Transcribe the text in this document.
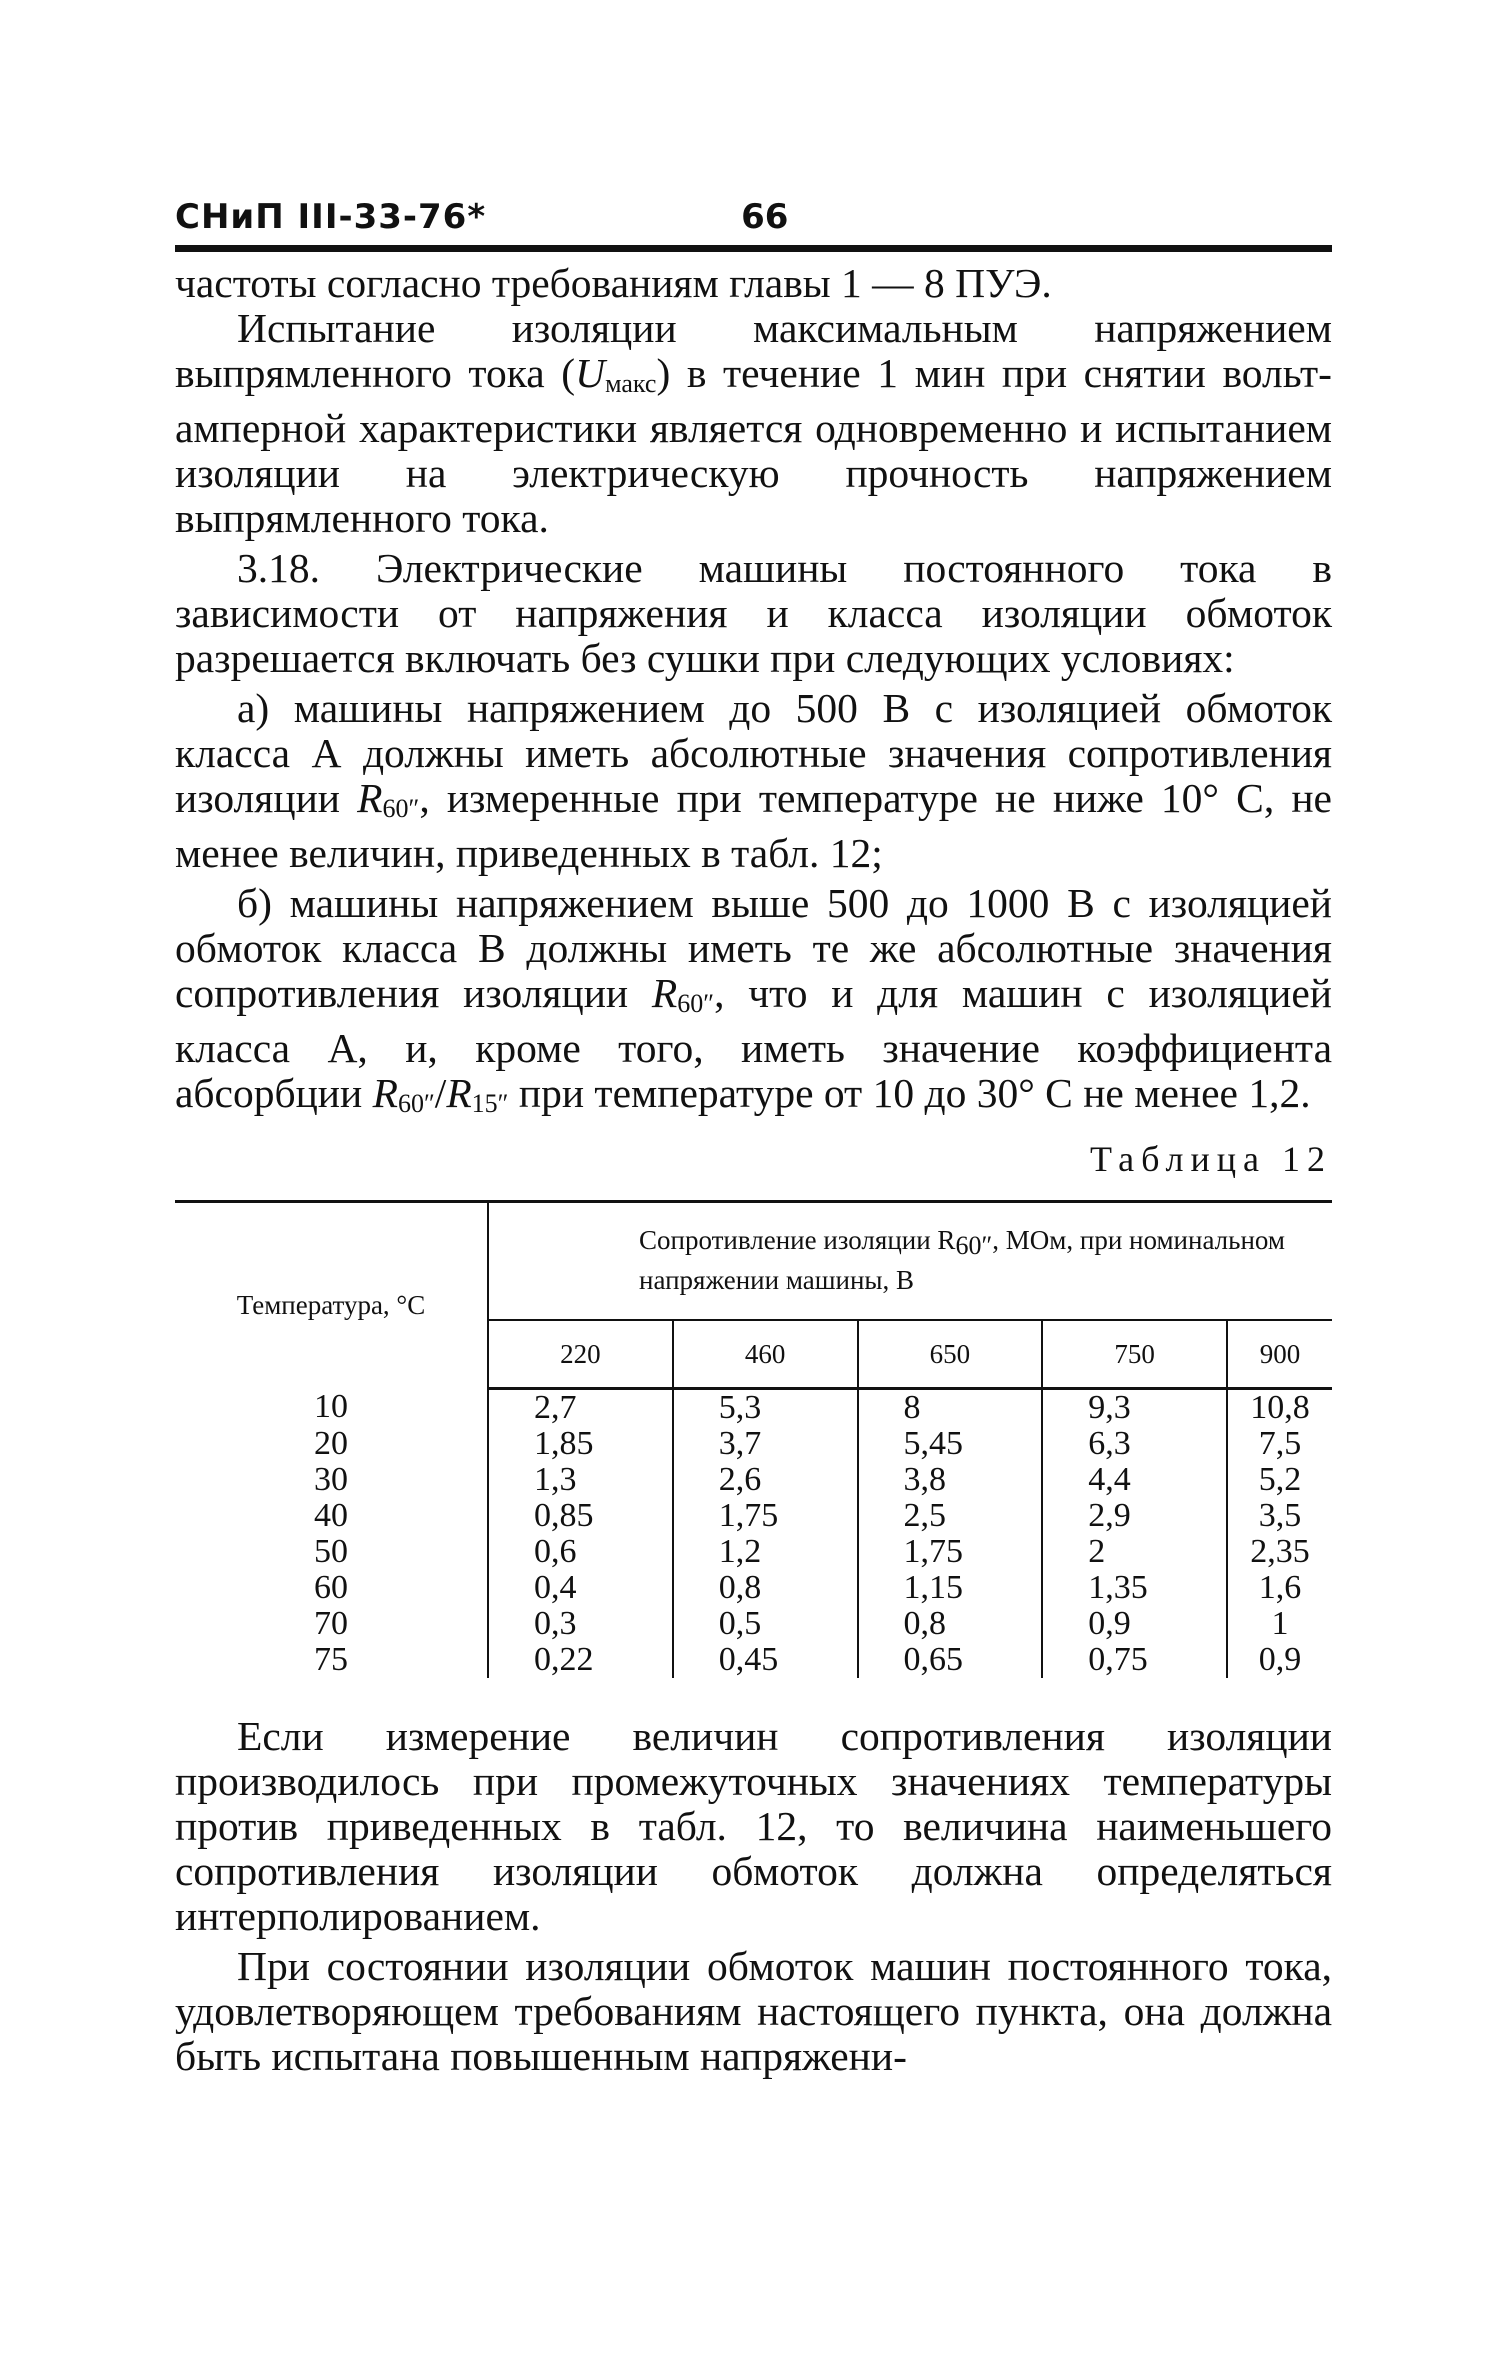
СНиП III-33-76*	66

частоты согласно требованиям главы 1 — 8 ПУЭ.

Испытание изоляции максимальным напряжением выпрямленного тока (Uмакс) в течение 1 мин при снятии вольт-амперной характеристики является одновременно и испытанием изоляции на электрическую прочность напряжением выпрямленного тока.

3.18. Электрические машины постоянного тока в зависимости от напряжения и класса изоляции обмоток разрешается включать без сушки при следующих условиях:

а) машины напряжением до 500 В с изоляцией обмоток класса А должны иметь абсолютные значения сопротивления изоляции R60″, измеренные при температуре не ниже 10° С, не менее величин, приведенных в табл. 12;

б) машины напряжением выше 500 до 1000 В с изоляцией обмоток класса В должны иметь те же абсолютные значения сопротивления изоляции R60″, что и для машин с изоляцией класса А, и, кроме того, иметь значение коэффициента абсорбции R60″/R15″ при температуре от 10 до 30° С не менее 1,2.

Таблица 12
Температура, °С	Сопротивление изоляции R60″, МОм, при номинальном напряжении машины, В				
	220	460	650	750	900
10	2,7	5,3	8	9,3	10,8
20	1,85	3,7	5,45	6,3	7,5
30	1,3	2,6	3,8	4,4	5,2
40	0,85	1,75	2,5	2,9	3,5
50	0,6	1,2	1,75	2	2,35
60	0,4	0,8	1,15	1,35	1,6
70	0,3	0,5	0,8	0,9	1
75	0,22	0,45	0,65	0,75	0,9

Если измерение величин сопротивления изоляции производилось при промежуточных значениях температуры против приведенных в табл. 12, то величина наименьшего сопротивления изоляции обмоток должна определяться интерполированием.

При состоянии изоляции обмоток машин постоянного тока, удовлетворяющем требованиям настоящего пункта, она должна быть испытана повышенным напряжени-
